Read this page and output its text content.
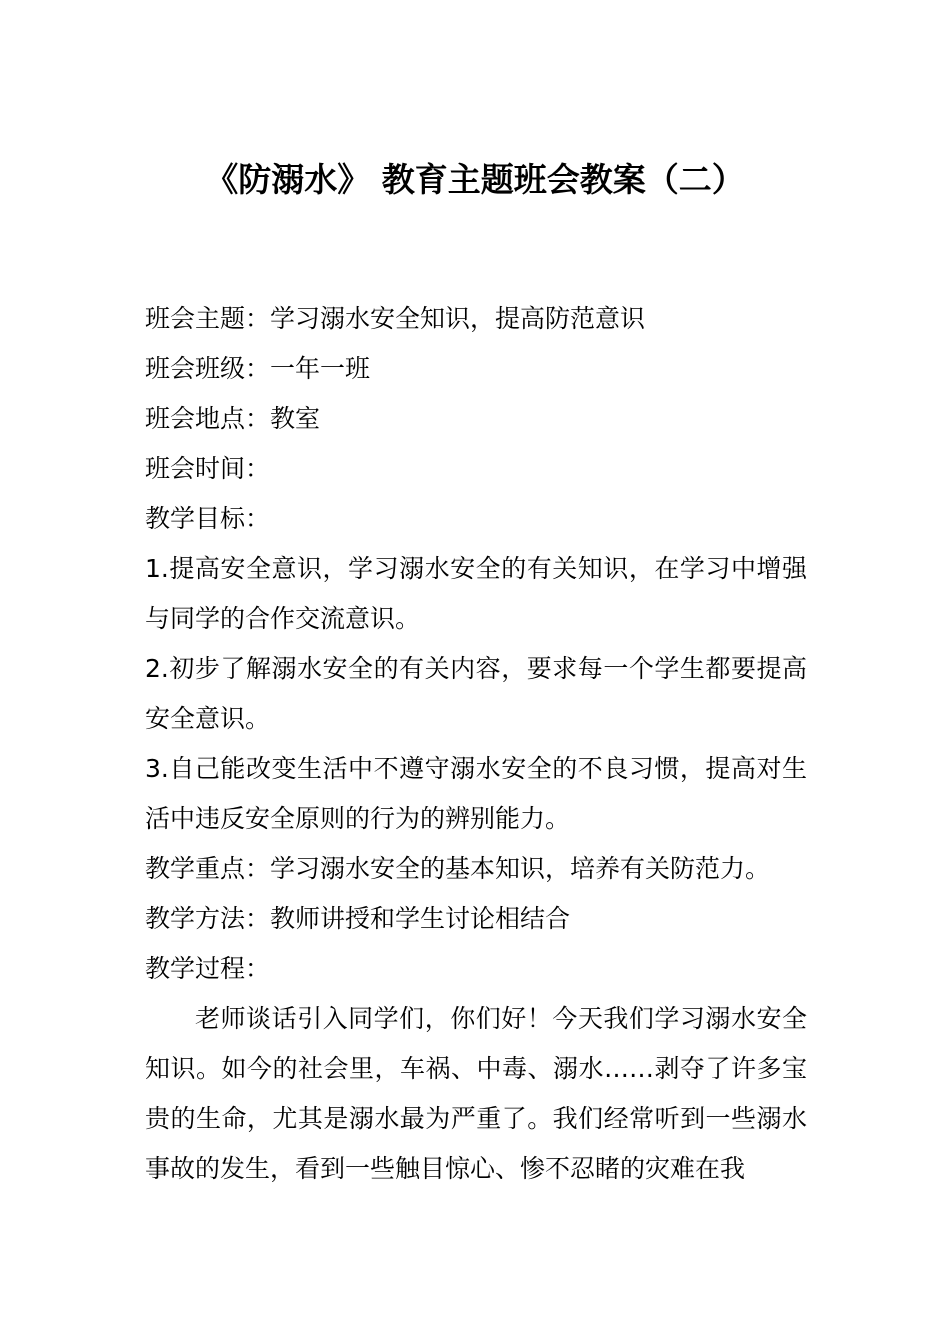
《防溺水》 教育主题班会教案（二）

班会主题：学习溺水安全知识，提高防范意识

班会班级：一年一班

班会地点：教室

班会时间：

教学目标：

1.提高安全意识，学习溺水安全的有关知识，在学习中增强与同学的合作交流意识。

2.初步了解溺水安全的有关内容，要求每一个学生都要提高安全意识。

3.自己能改变生活中不遵守溺水安全的不良习惯，提高对生活中违反安全原则的行为的辨别能力。

教学重点：学习溺水安全的基本知识，培养有关防范力。

教学方法：教师讲授和学生讨论相结合

教学过程：

老师谈话引入同学们，你们好！今天我们学习溺水安全知识。如今的社会里，车祸、中毒、溺水……剥夺了许多宝贵的生命，尤其是溺水最为严重了。我们经常听到一些溺水事故的发生，看到一些触目惊心、惨不忍睹的灾难在我
